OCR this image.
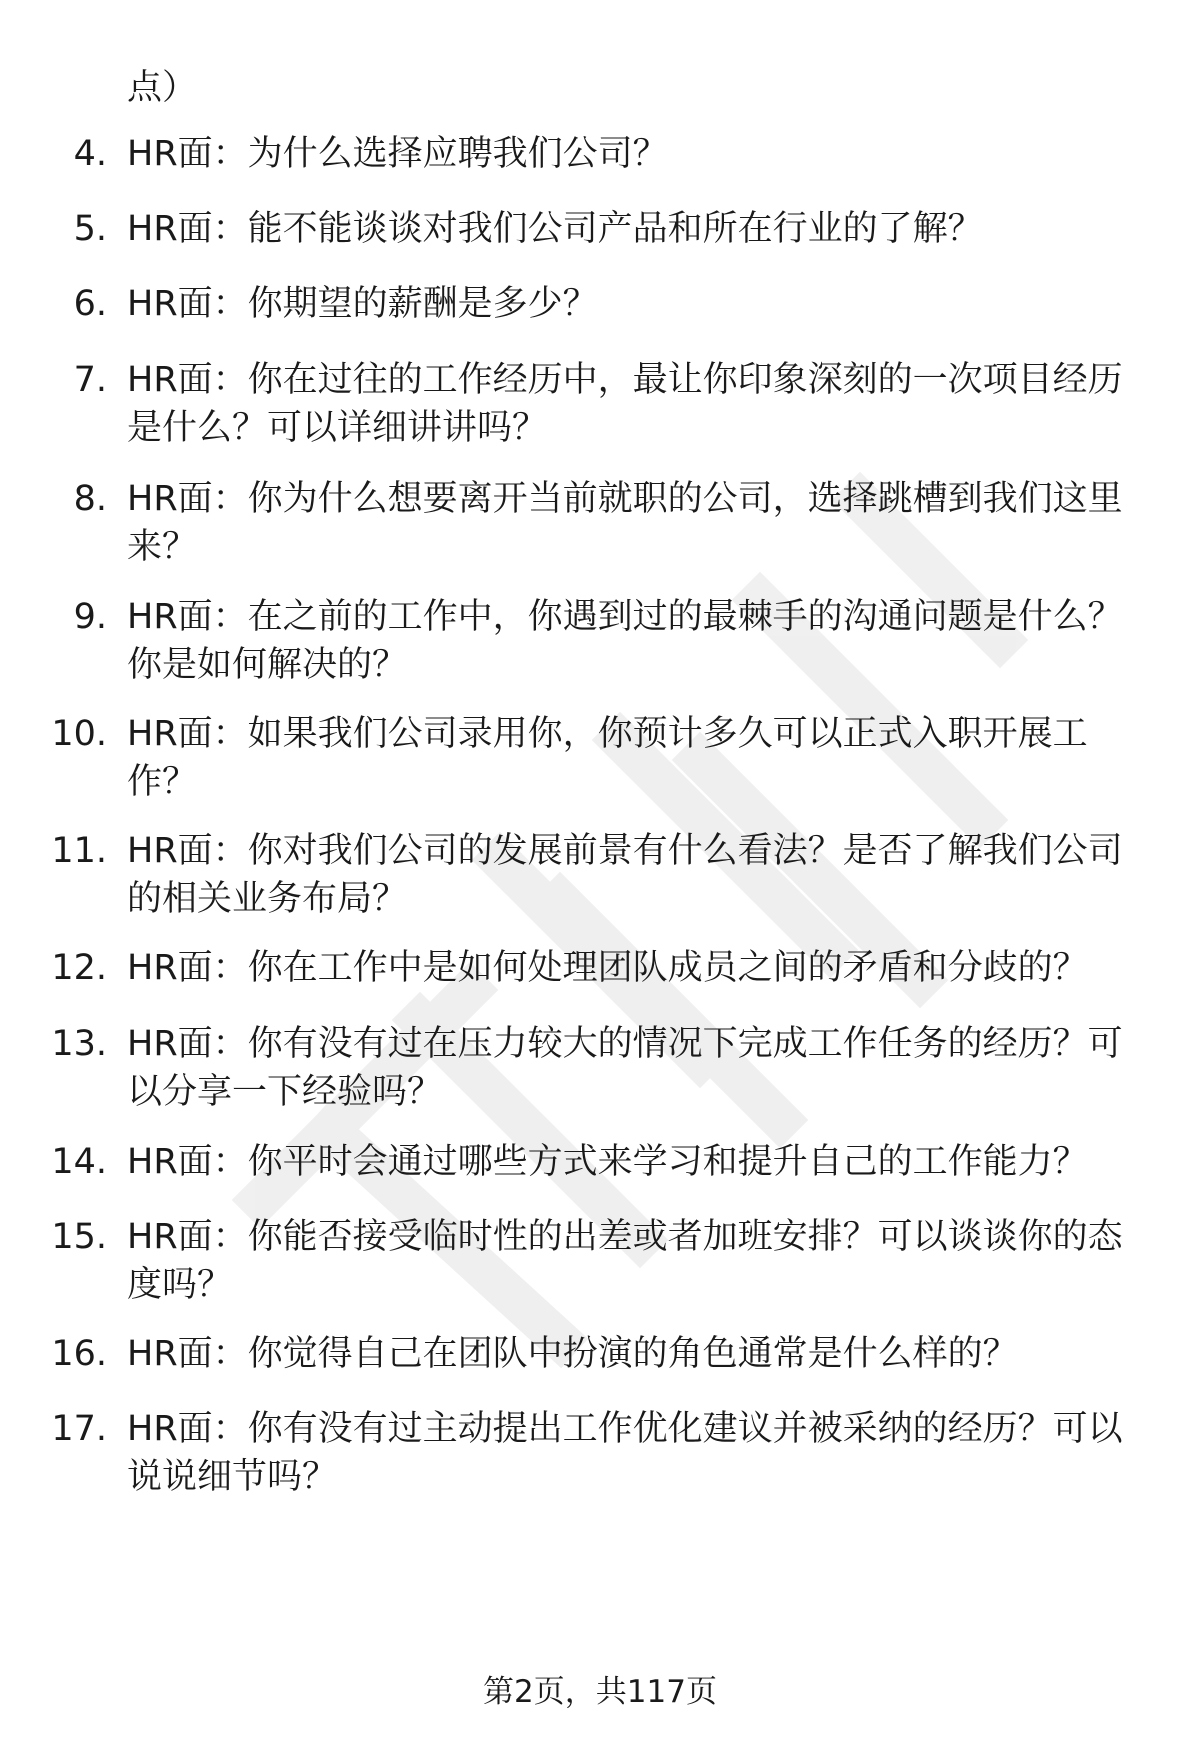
点）
4. HR面：为什么选择应聘我们公司？
5. HR面：能不能谈谈对我们公司产品和所在行业的了解？
6. HR面：你期望的薪酬是多少？
7. HR面：你在过往的工作经历中，最让你印象深刻的一次项目经历是什么？可以详细讲讲吗？
8. HR面：你为什么想要离开当前就职的公司，选择跳槽到我们这里来？
9. HR面：在之前的工作中，你遇到过的最棘手的沟通问题是什么？你是如何解决的？
10. HR面：如果我们公司录用你，你预计多久可以正式入职开展工作？
11. HR面：你对我们公司的发展前景有什么看法？是否了解我们公司的相关业务布局？
12. HR面：你在工作中是如何处理团队成员之间的矛盾和分歧的？
13. HR面：你有没有过在压力较大的情况下完成工作任务的经历？可以分享一下经验吗？
14. HR面：你平时会通过哪些方式来学习和提升自己的工作能力？
15. HR面：你能否接受临时性的出差或者加班安排？可以谈谈你的态度吗？
16. HR面：你觉得自己在团队中扮演的角色通常是什么样的？
17. HR面：你有没有过主动提出工作优化建议并被采纳的经历？可以说说细节吗？
第2页，共117页
